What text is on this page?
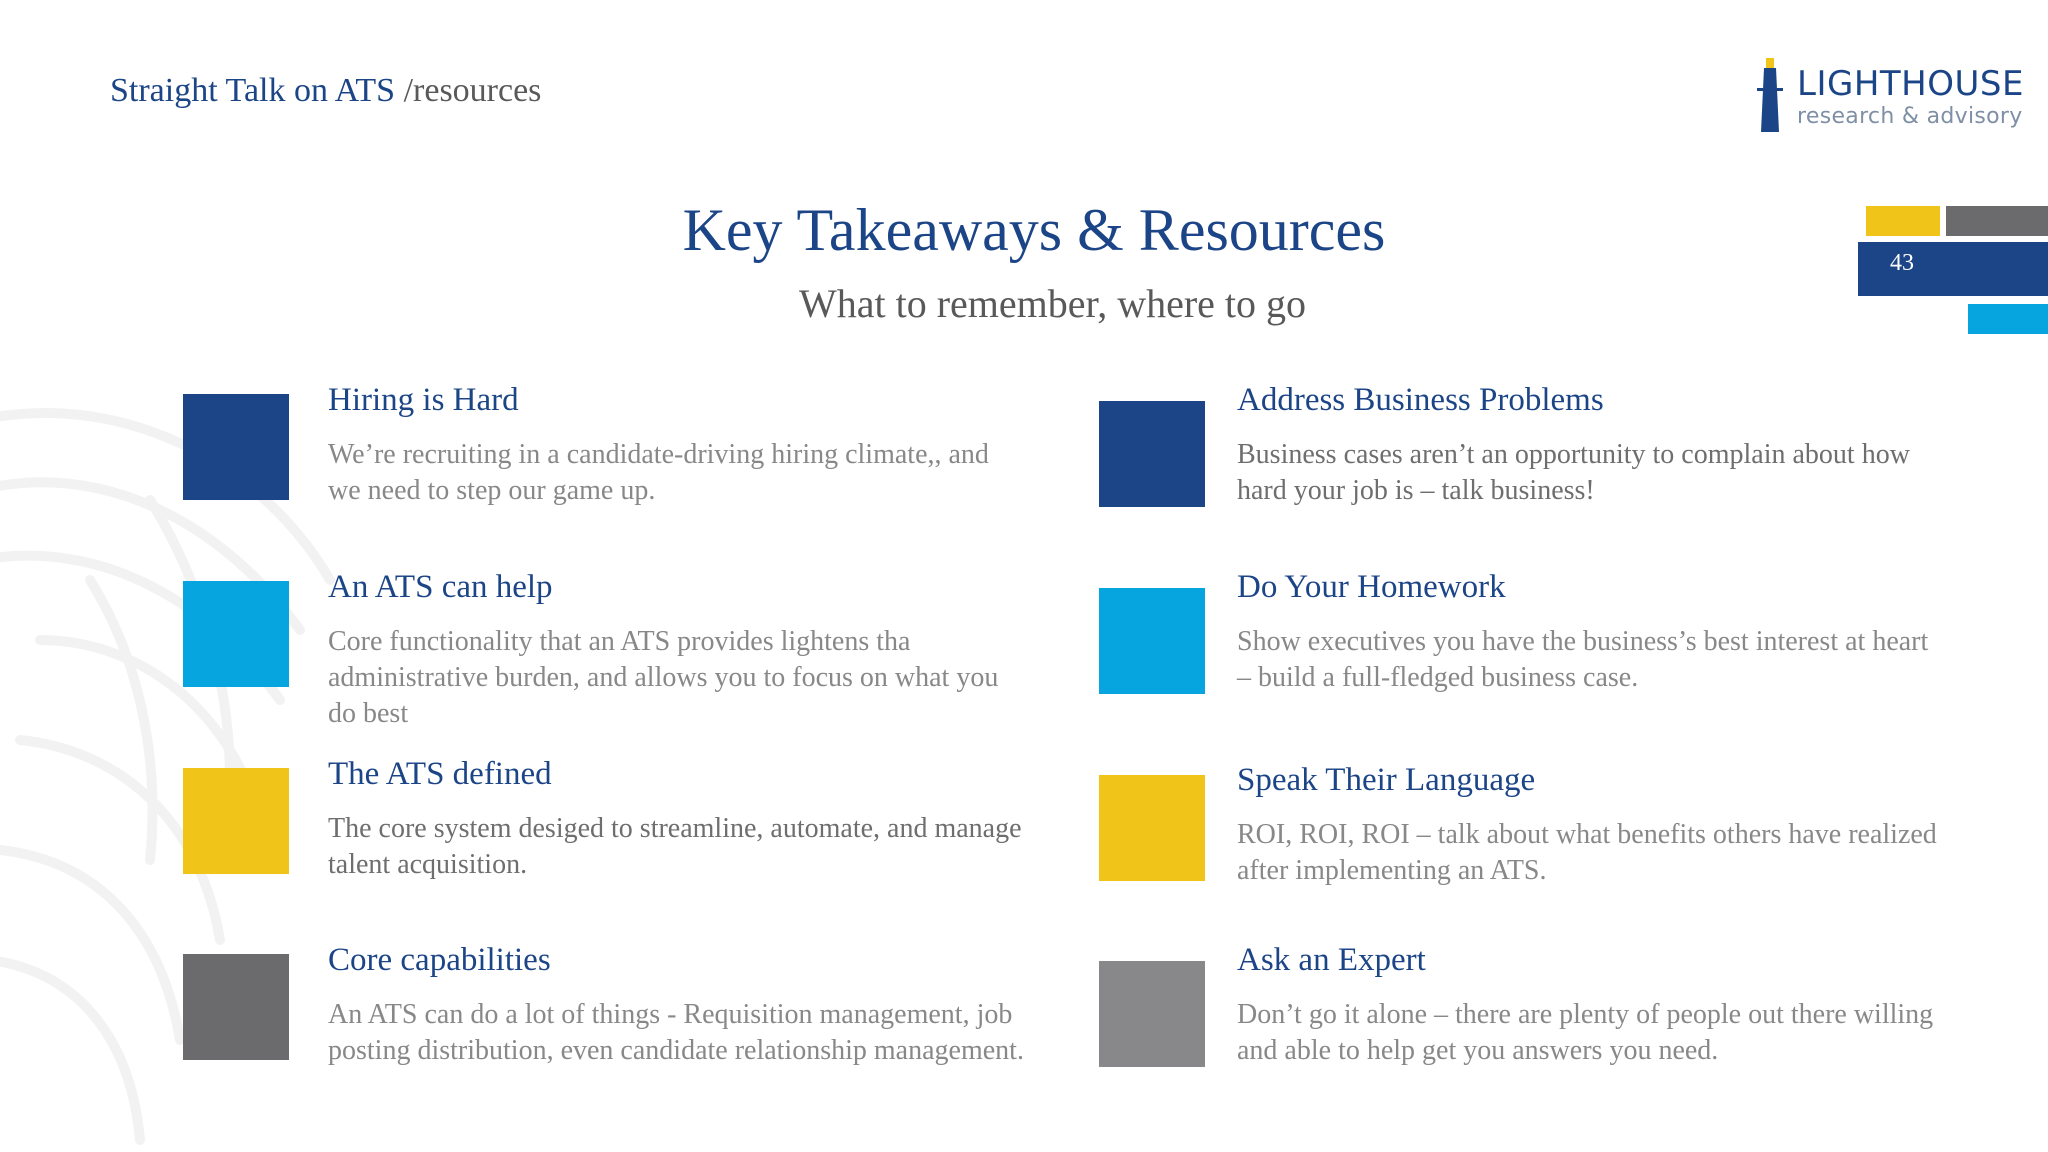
Straight Talk on ATS /resources	LIGHTHOUSE
research & advisory
43
Key Takeaways & Resources
What to remember, where to go
Hiring is Hard
We’re recruiting in a candidate-driving hiring climate,, and we need to step our game up.
An ATS can help
Core functionality that an ATS provides lightens tha administrative burden, and allows you to focus on what you do best
The ATS defined
The core system desiged to streamline, automate, and manage talent acquisition.
Core capabilities
An ATS can do a lot of things - Requisition management, job posting distribution, even candidate relationship management.
Address Business Problems
Business cases aren’t an opportunity to complain about how hard your job is – talk business!
Do Your Homework
Show executives you have the business’s best interest at heart – build a full-fledged business case.
Speak Their Language
ROI, ROI, ROI – talk about what benefits others have realized after implementing an ATS.
Ask an Expert
Don’t go it alone – there are plenty of people out there willing and able to help get you answers you need.
